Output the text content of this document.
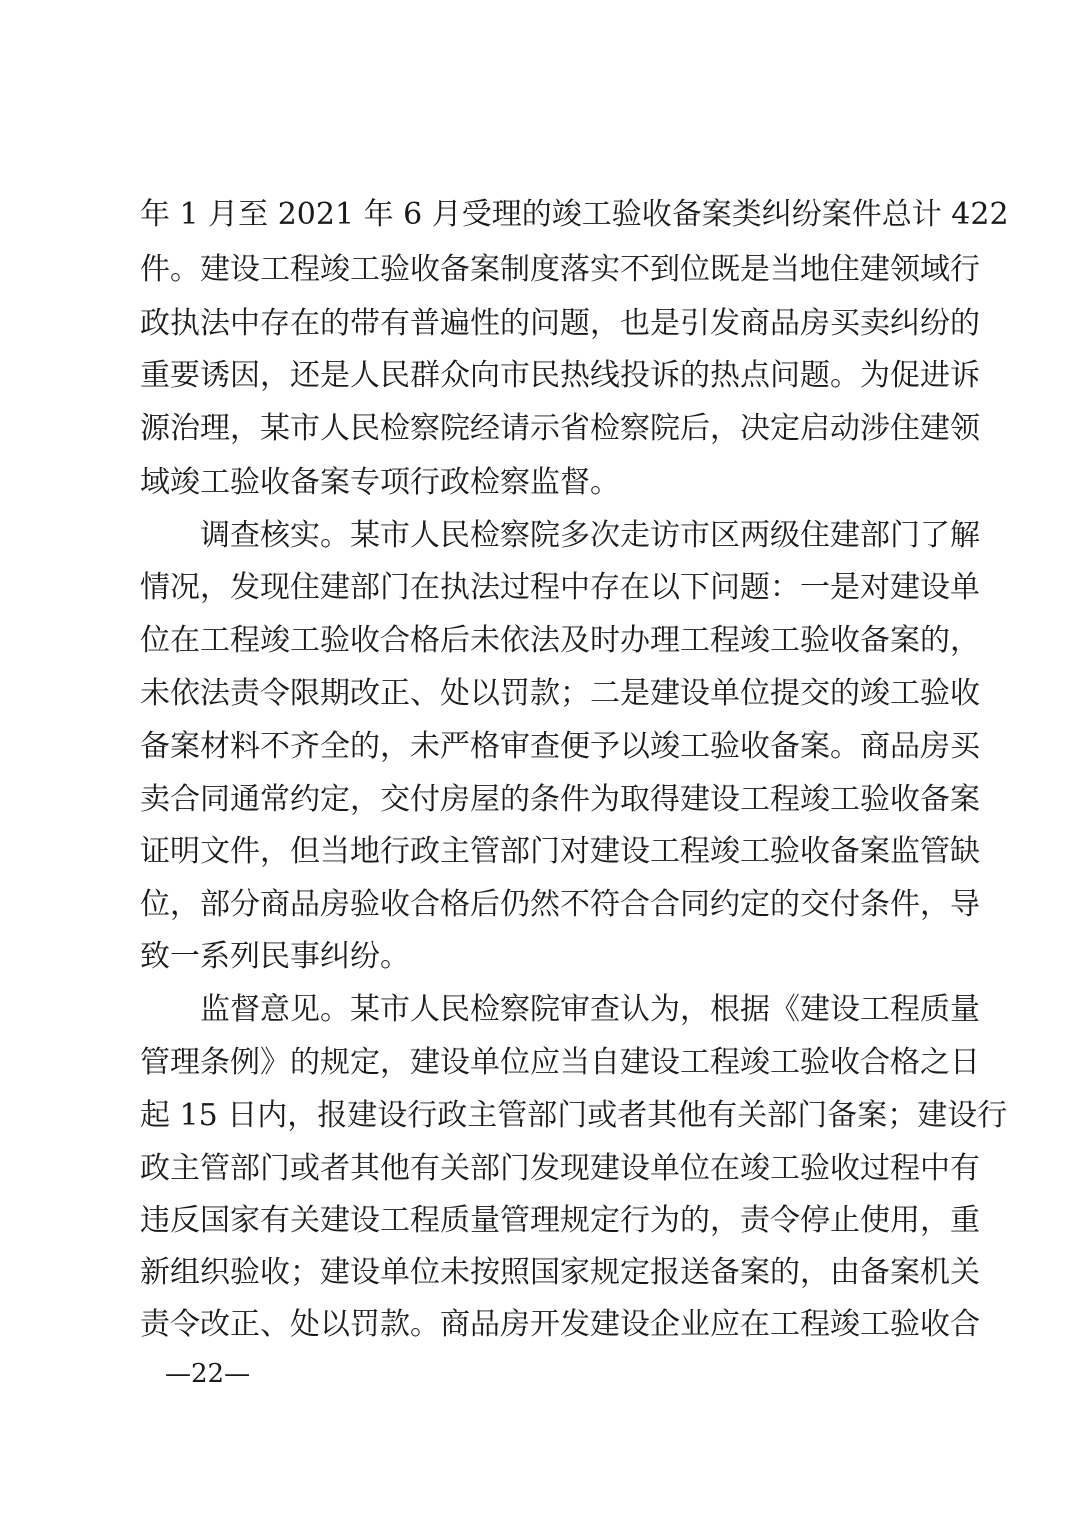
年 1 月至 2021 年 6 月受理的竣工验收备案类纠纷案件总计 422
件。建设工程竣工验收备案制度落实不到位既是当地住建领域行
政执法中存在的带有普遍性的问题，也是引发商品房买卖纠纷的
重要诱因，还是人民群众向市民热线投诉的热点问题。为促进诉
源治理，某市人民检察院经请示省检察院后，决定启动涉住建领
域竣工验收备案专项行政检察监督。
调查核实。某市人民检察院多次走访市区两级住建部门了解
情况，发现住建部门在执法过程中存在以下问题：一是对建设单
位在工程竣工验收合格后未依法及时办理工程竣工验收备案的，
未依法责令限期改正、处以罚款；二是建设单位提交的竣工验收
备案材料不齐全的，未严格审查便予以竣工验收备案。商品房买
卖合同通常约定，交付房屋的条件为取得建设工程竣工验收备案
证明文件，但当地行政主管部门对建设工程竣工验收备案监管缺
位，部分商品房验收合格后仍然不符合合同约定的交付条件，导
致一系列民事纠纷。
监督意见。某市人民检察院审查认为，根据《建设工程质量
管理条例》的规定，建设单位应当自建设工程竣工验收合格之日
起 15 日内，报建设行政主管部门或者其他有关部门备案；建设行
政主管部门或者其他有关部门发现建设单位在竣工验收过程中有
违反国家有关建设工程质量管理规定行为的，责令停止使用，重
新组织验收；建设单位未按照国家规定报送备案的，由备案机关
责令改正、处以罚款。商品房开发建设企业应在工程竣工验收合
—22—
